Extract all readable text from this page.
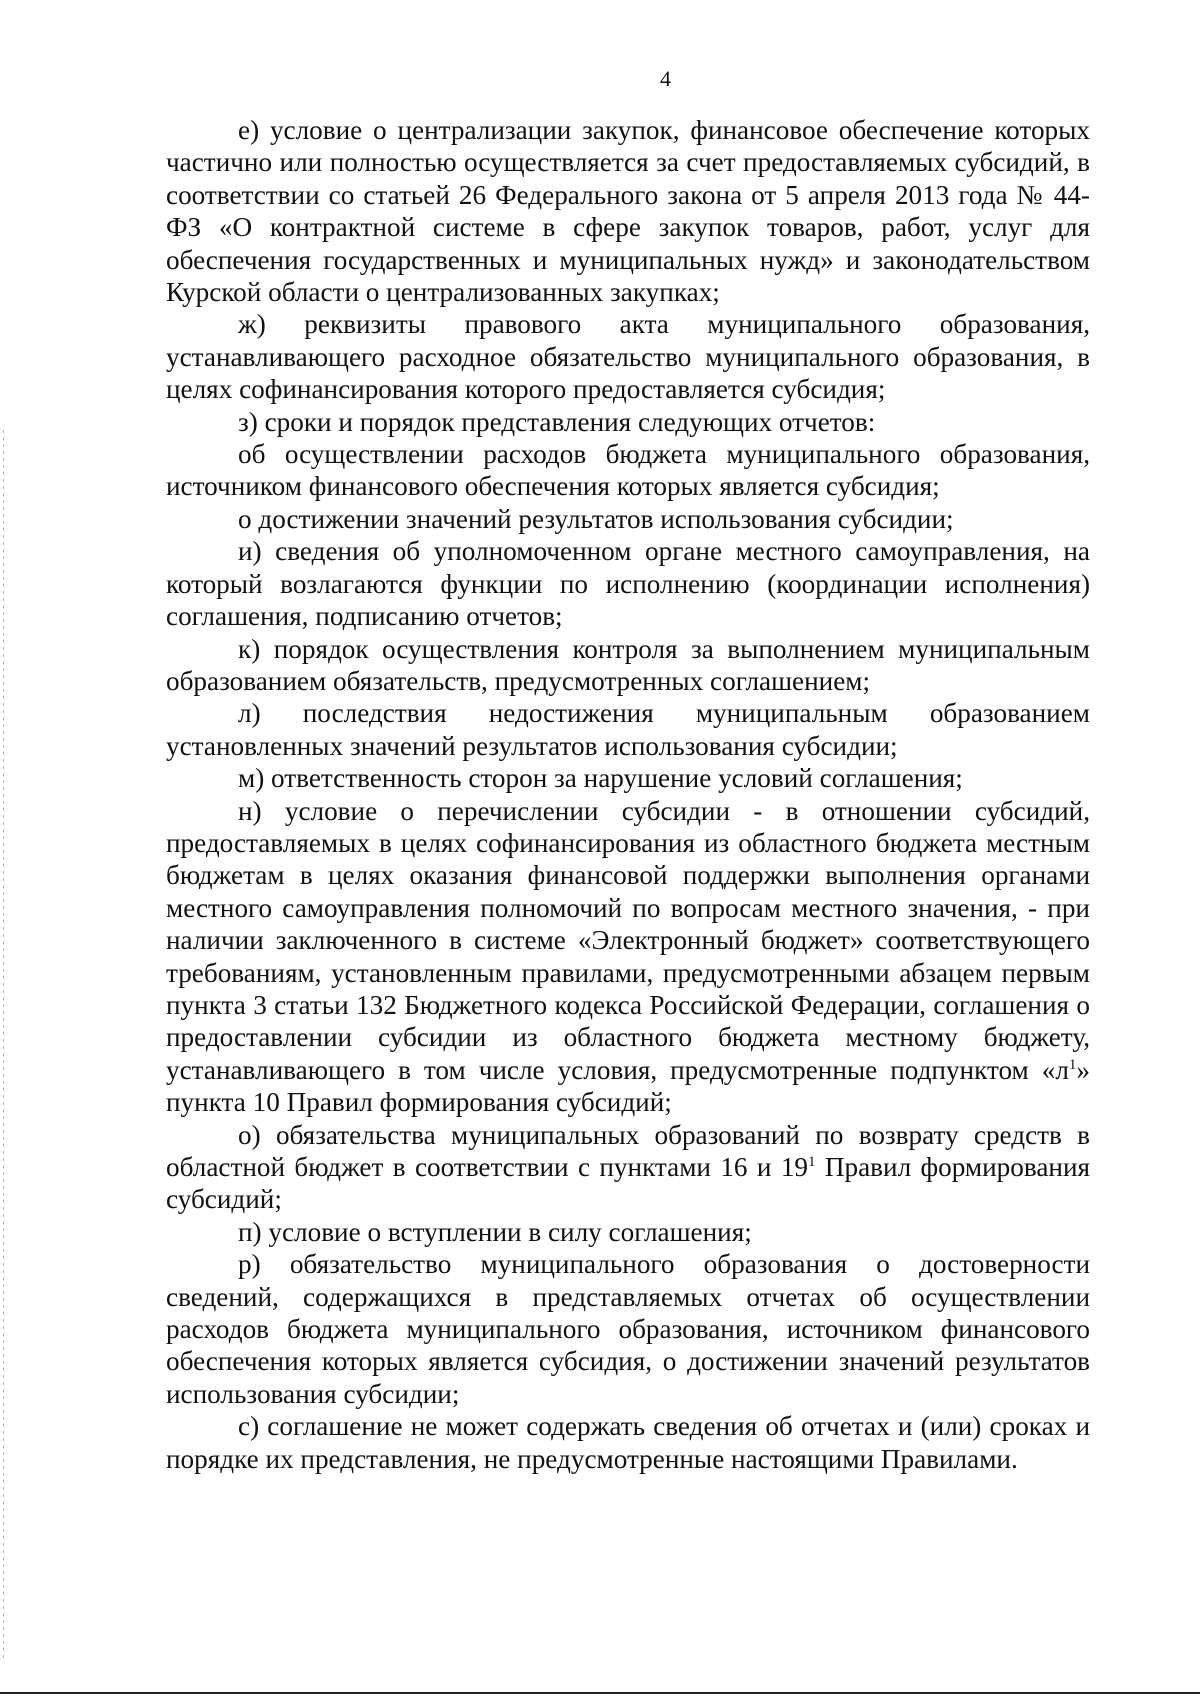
4

е) условие о централизации закупок, финансовое обеспечение которых частично или полностью осуществляется за счет предоставляемых субсидий, в соответствии со статьей 26 Федерального закона от 5 апреля 2013 года № 44-ФЗ «О контрактной системе в сфере закупок товаров, работ, услуг для обеспечения государственных и муниципальных нужд» и законодательством Курской области о централизованных закупках;

ж) реквизиты правового акта муниципального образования, устанавливающего расходное обязательство муниципального образования, в целях софинансирования которого предоставляется субсидия;

з) сроки и порядок представления следующих отчетов:

об осуществлении расходов бюджета муниципального образования, источником финансового обеспечения которых является субсидия;

о достижении значений результатов использования субсидии;

и) сведения об уполномоченном органе местного самоуправления, на который возлагаются функции по исполнению (координации исполнения) соглашения, подписанию отчетов;

к) порядок осуществления контроля за выполнением муниципальным образованием обязательств, предусмотренных соглашением;

л) последствия недостижения муниципальным образованием установленных значений результатов использования субсидии;

м) ответственность сторон за нарушение условий соглашения;

н) условие о перечислении субсидии - в отношении субсидий, предоставляемых в целях софинансирования из областного бюджета местным бюджетам в целях оказания финансовой поддержки выполнения органами местного самоуправления полномочий по вопросам местного значения, - при наличии заключенного в системе «Электронный бюджет» соответствующего требованиям, установленным правилами, предусмотренными абзацем первым пункта 3 статьи 132 Бюджетного кодекса Российской Федерации, соглашения о предоставлении субсидии из областного бюджета местному бюджету, устанавливающего в том числе условия, предусмотренные подпунктом «$л^1$» пункта 10 Правил формирования субсидий;

о) обязательства муниципальных образований по возврату средств в областной бюджет в соответствии с пунктами 16 и $19^1$ Правил формирования субсидий;

п) условие о вступлении в силу соглашения;

р) обязательство муниципального образования о достоверности сведений, содержащихся в представляемых отчетах об осуществлении расходов бюджета муниципального образования, источником финансового обеспечения которых является субсидия, о достижении значений результатов использования субсидии;

с) соглашение не может содержать сведения об отчетах и (или) сроках и порядке их представления, не предусмотренные настоящими Правилами.
